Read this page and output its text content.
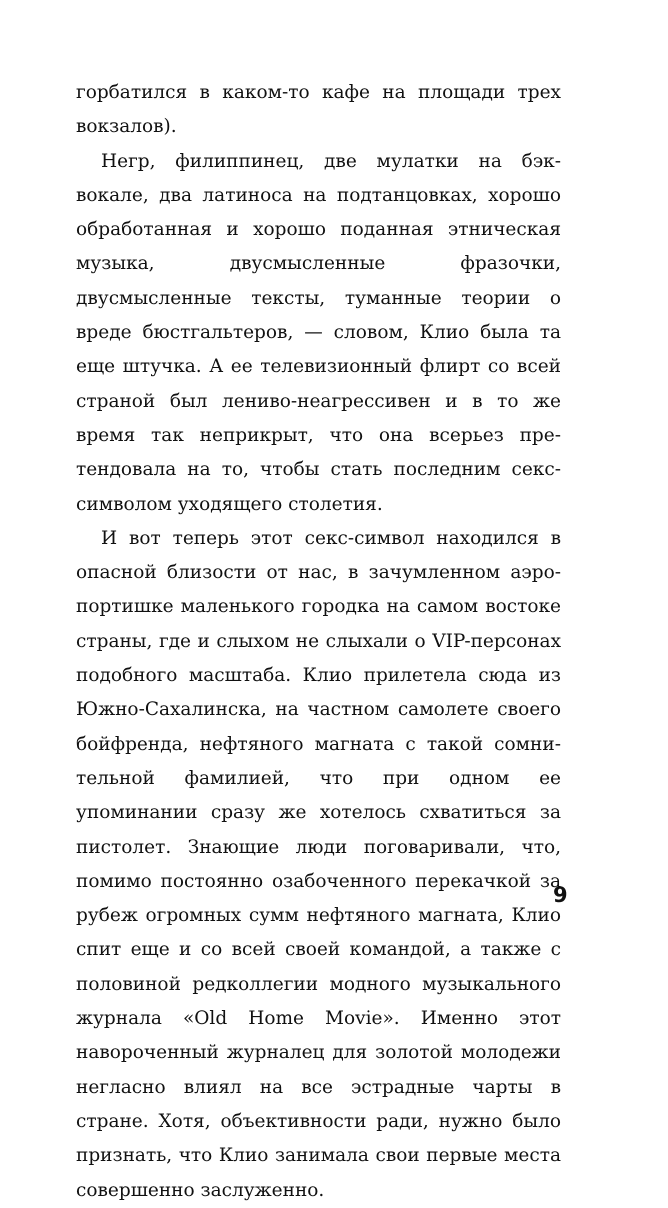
горбатился в каком-то кафе на площади трех вокзалов).

Негр, филиппинец, две мулатки на бэк-вокале, два латиноса на подтанцовках, хорошо обработанная и хорошо поданная этническая музыка, двусмысленные фразочки, двусмысленные тексты, туманные теории о вреде бюстгальтеров, — словом, Клио была та еще штучка. А ее телевизионный флирт со всей страной был лениво-неагрессивен и в то же время так неприкрыт, что она всерьез претендовала на то, чтобы стать последним секс-символом уходящего столетия.

И вот теперь этот секс-символ находился в опасной близости от нас, в зачумленном аэропортишке маленького городка на самом востоке страны, где и слыхом не слыхали о VIP-персонах подобного масштаба. Клио прилетела сюда из Южно-Сахалинска, на частном самолете своего бойфренда, нефтяного магната с такой сомнительной фамилией, что при одном ее упоминании сразу же хотелось схватиться за пистолет. Знающие люди поговаривали, что, помимо постоянно озабоченного перекачкой за рубеж огромных сумм нефтяного магната, Клио спит еще и со всей своей командой, а также с половиной редколлегии модного музыкального журнала «Old Home Movie». Именно этот навороченный журналец для золотой молодежи негласно влиял на все эстрадные чарты в стране. Хотя, объективности ради, нужно было признать, что Клио занимала свои первые места совершенно заслуженно.

9
